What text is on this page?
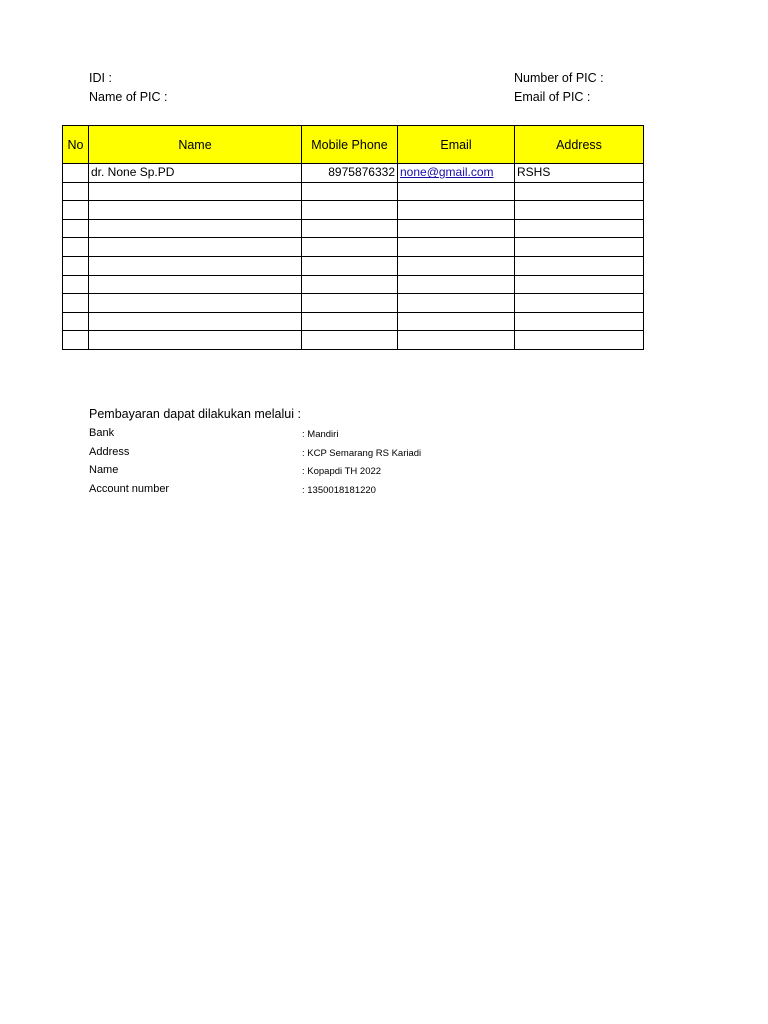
IDI :
Name of PIC :
Number of PIC :
Email of PIC :
No	Name	Mobile Phone	Email	Address
	dr. None Sp.PD	8975876332	none@gmail.com	RSHS

Pembayaran dapat dilakukan melalui :
Bank	: Mandiri
Address	: KCP Semarang RS Kariadi
Name	: Kopapdi TH 2022
Account number	: 1350018181220
